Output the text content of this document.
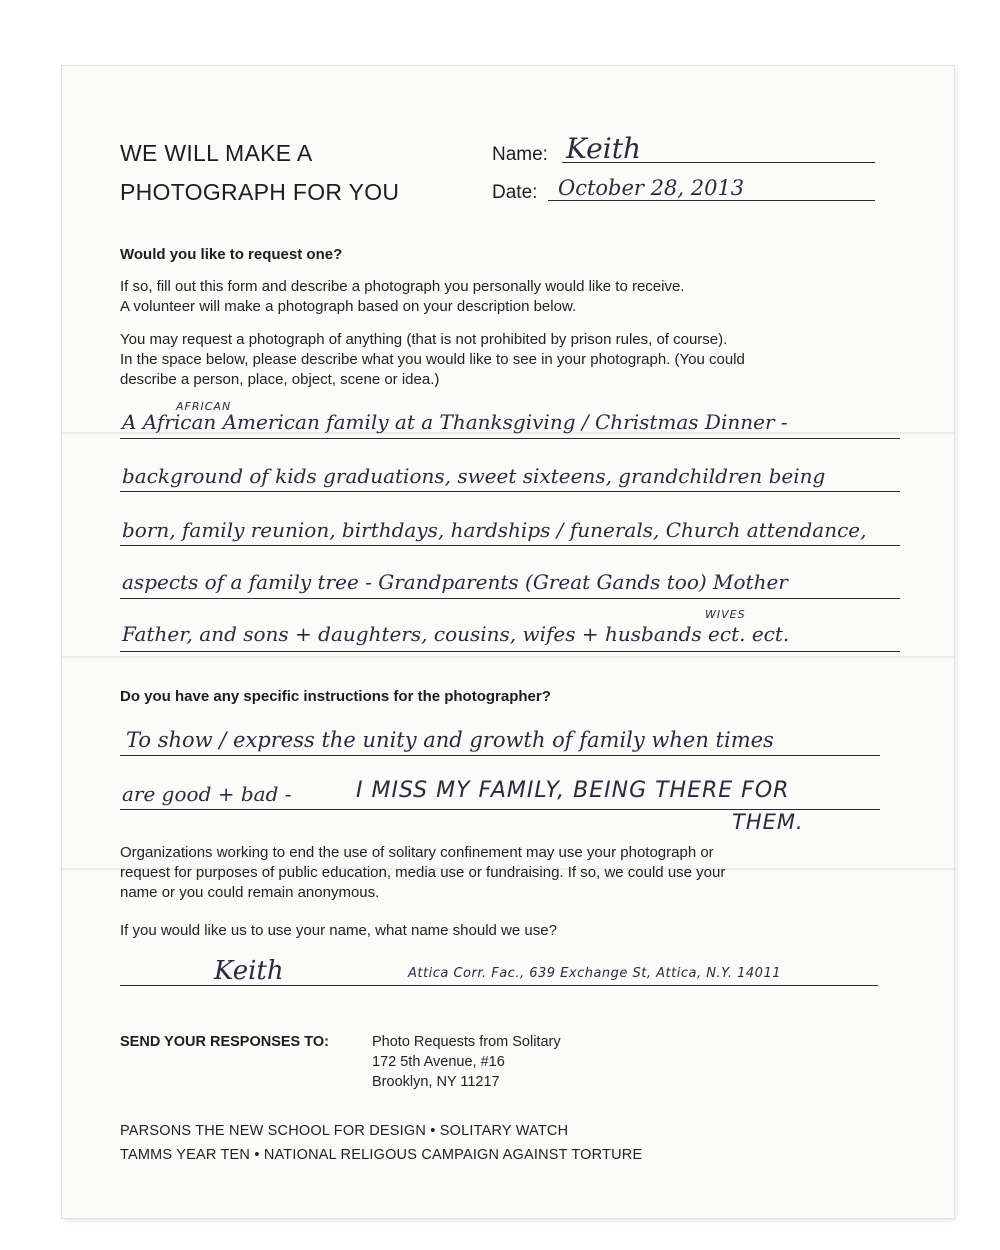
WE WILL MAKE A
PHOTOGRAPH FOR YOU
Name: Keith
Date: October 28, 2013
Would you like to request one?
If so, fill out this form and describe a photograph you personally would like to receive.
A volunteer will make a photograph based on your description below.
You may request a photograph of anything (that is not prohibited by prison rules, of course).
In the space below, please describe what you would like to see in your photograph. (You could
describe a person, place, object, scene or idea.)
AFRICAN
A African American family at a Thanksgiving / Christmas Dinner -
background of kids graduations, sweet sixteens, grandchildren being
born, family reunion, birthdays, hardships / funerals, Church attendance,
aspects of a family tree - Grandparents (Great Gands too) Mother
WIVES
Father, and sons + daughters, cousins, wifes + husbands ect. ect.
Do you have any specific instructions for the photographer?
To show / express the unity and growth of family when times
are good + bad -	I MISS MY FAMILY, BEING THERE FOR
THEM.
Organizations working to end the use of solitary confinement may use your photograph or
request for purposes of public education, media use or fundraising. If so, we could use your
name or you could remain anonymous.
If you would like us to use your name, what name should we use?
Keith	Attica Corr. Fac., 639 Exchange St, Attica, N.Y. 14011
SEND YOUR RESPONSES TO:	Photo Requests from Solitary
172 5th Avenue, #16
Brooklyn, NY 11217
PARSONS THE NEW SCHOOL FOR DESIGN • SOLITARY WATCH
TAMMS YEAR TEN • NATIONAL RELIGOUS CAMPAIGN AGAINST TORTURE
